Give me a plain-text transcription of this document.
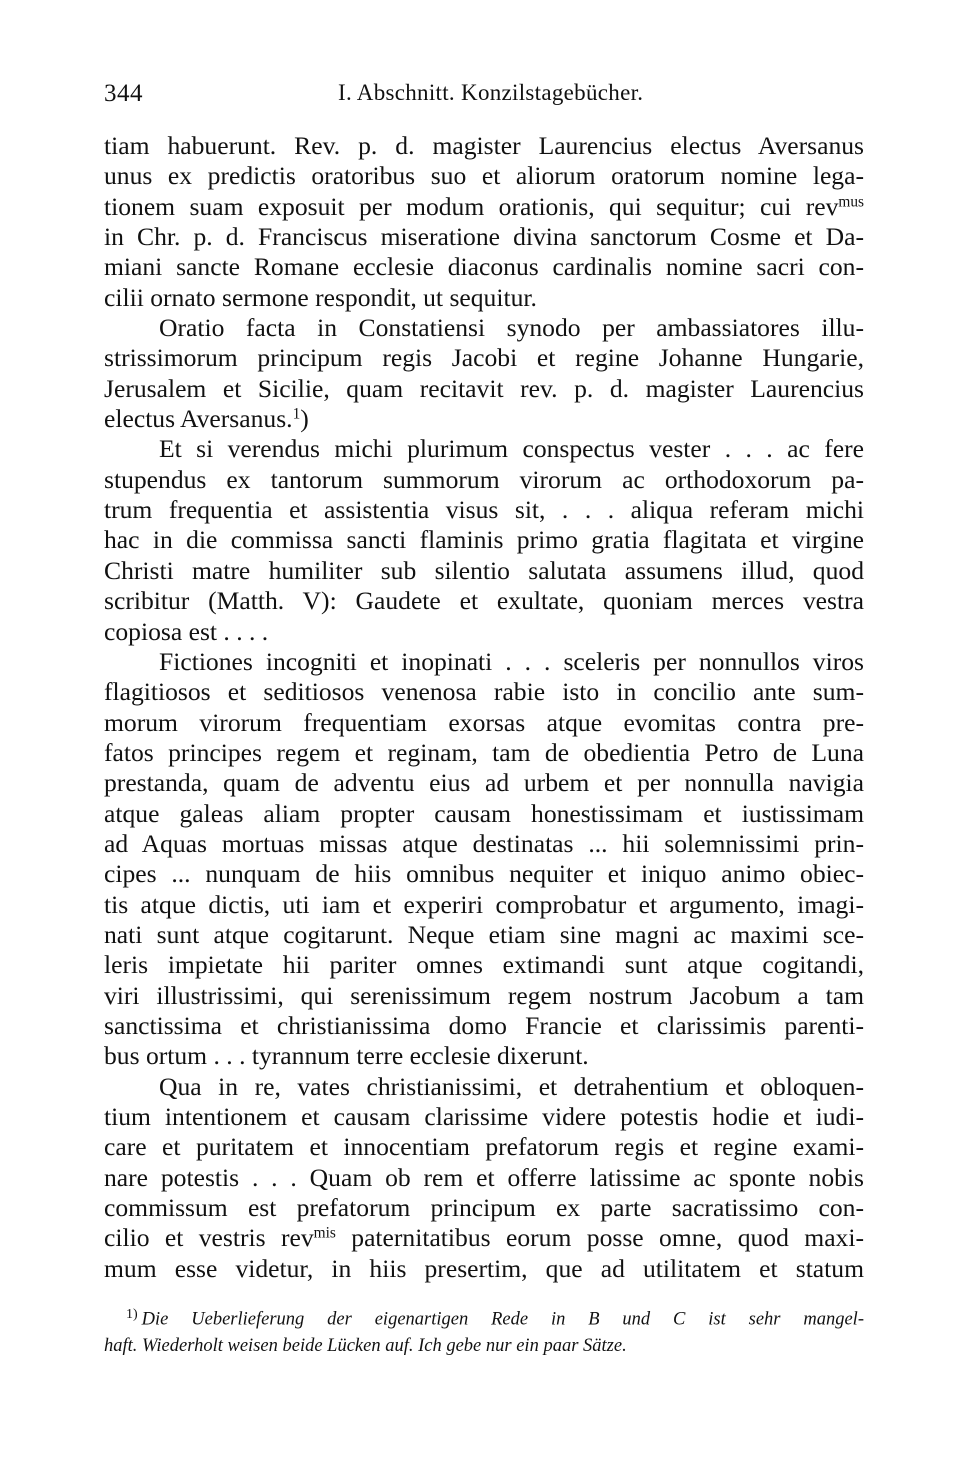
344	I. Abschnitt. Konzilstagebücher.
tiam habuerunt. Rev. p. d. magister Laurencius electus Aversanus
unus ex predictis oratoribus suo et aliorum oratorum nomine lega-
tionem suam exposuit per modum orationis, qui sequitur; cui rev$^{mus}$
in Chr. p. d. Franciscus miseratione divina sanctorum Cosme et Da-
miani sancte Romane ecclesie diaconus cardinalis nomine sacri con-
cilii ornato sermone respondit, ut sequitur.
Oratio facta in Constatiensi synodo per ambassiatores illu-
strissimorum principum regis Jacobi et regine Johanne Hungarie,
Jerusalem et Sicilie, quam recitavit rev. p. d. magister Laurencius
electus Aversanus.$^1$)
Et si verendus michi plurimum conspectus vester . . . ac fere
stupendus ex tantorum summorum virorum ac orthodoxorum pa-
trum frequentia et assistentia visus sit, . . . aliqua referam michi
hac in die commissa sancti flaminis primo gratia flagitata et virgine
Christi matre humiliter sub silentio salutata assumens illud, quod
scribitur (Matth. V): Gaudete et exultate, quoniam merces vestra
copiosa est . . . .
Fictiones incogniti et inopinati . . . sceleris per nonnullos viros
flagitiosos et seditiosos venenosa rabie isto in concilio ante sum-
morum virorum frequentiam exorsas atque evomitas contra pre-
fatos principes regem et reginam, tam de obedientia Petro de Luna
prestanda, quam de adventu eius ad urbem et per nonnulla navigia
atque galeas aliam propter causam honestissimam et iustissimam
ad Aquas mortuas missas atque destinatas ... hii solemnissimi prin-
cipes ... nunquam de hiis omnibus nequiter et iniquo animo obiec-
tis atque dictis, uti iam et experiri comprobatur et argumento, imagi-
nati sunt atque cogitarunt. Neque etiam sine magni ac maximi sce-
leris impietate hii pariter omnes extimandi sunt atque cogitandi,
viri illustrissimi, qui serenissimum regem nostrum Jacobum a tam
sanctissima et christianissima domo Francie et clarissimis parenti-
bus ortum . . . tyrannum terre ecclesie dixerunt.
Qua in re, vates christianissimi, et detrahentium et obloquen-
tium intentionem et causam clarissime videre potestis hodie et iudi-
care et puritatem et innocentiam prefatorum regis et regine exami-
nare potestis . . . Quam ob rem et offerre latissime ac sponte nobis
commissum est prefatorum principum ex parte sacratissimo con-
cilio et vestris rev$^{mis}$ paternitatibus eorum posse omne, quod maxi-
mum esse videtur, in hiis presertim, que ad utilitatem et statum
$^{1)}$ Die Ueberlieferung der eigenartigen Rede in B und C ist sehr mangel-
haft. Wiederholt weisen beide Lücken auf. Ich gebe nur ein paar Sätze.
